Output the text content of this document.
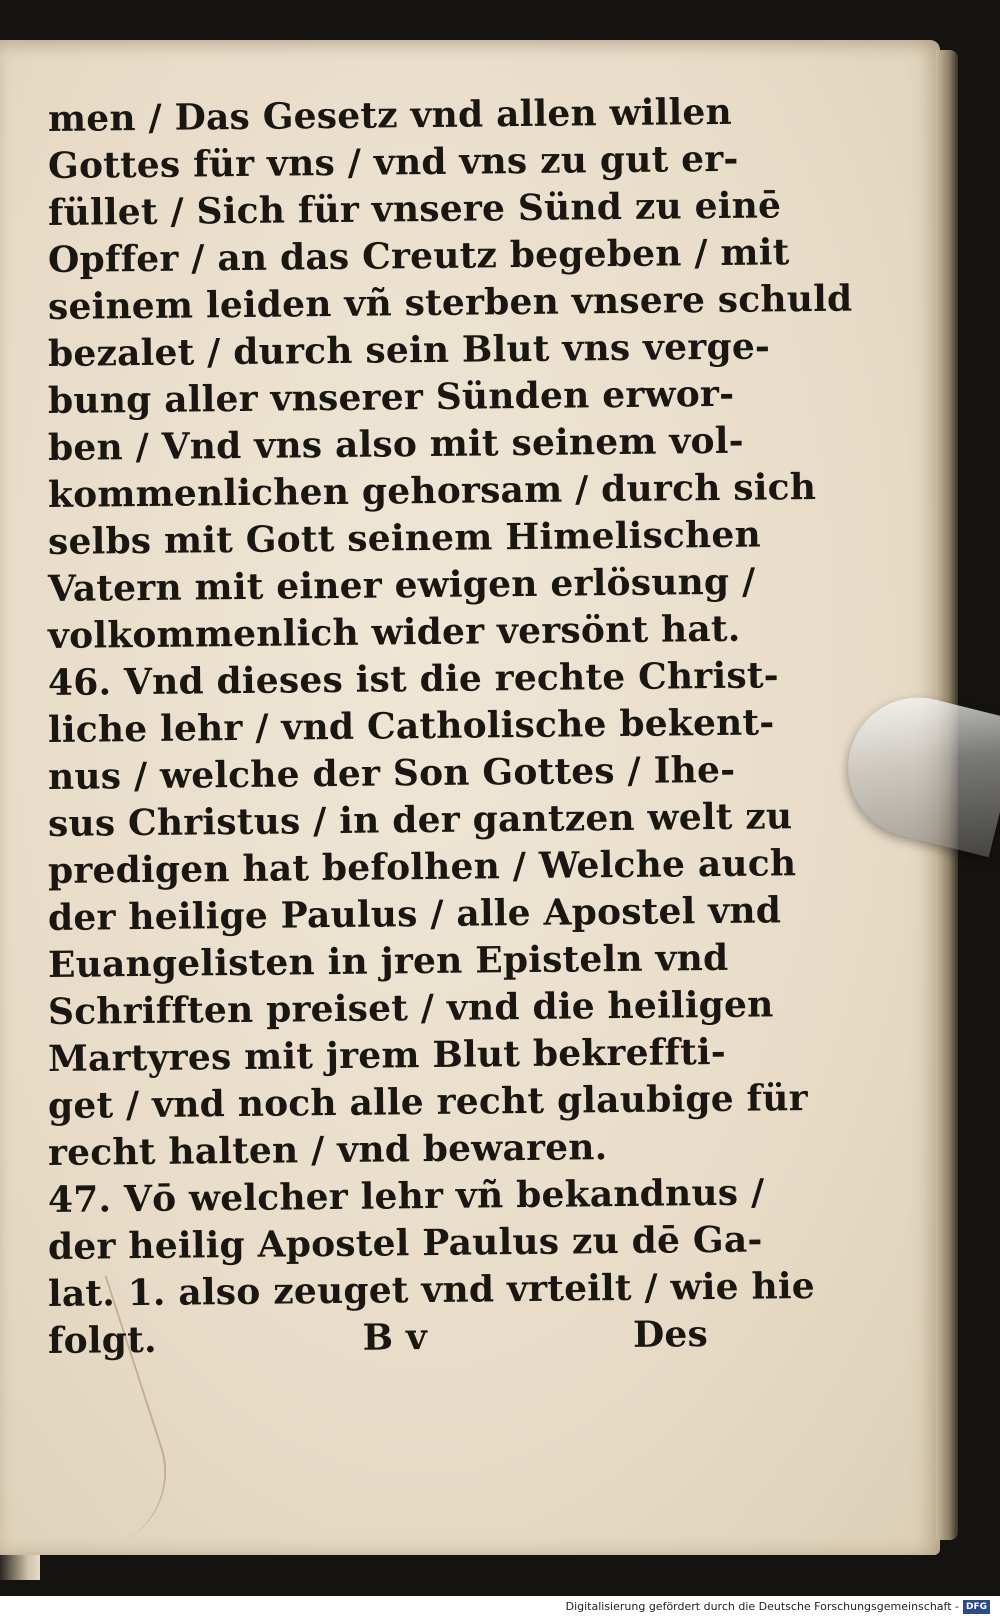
men / Das Gesetz vnd allen willen
Gottes für vns / vnd vns zu gut er-
füllet / Sich für vnsere Sünd zu einē
Opffer / an das Creutz begeben / mit
seinem leiden vñ sterben vnsere schuld
bezalet / durch sein Blut vns verge-
bung aller vnserer Sünden erwor-
ben / Vnd vns also mit seinem vol-
kommenlichen gehorsam / durch sich
selbs mit Gott seinem Himelischen
Vatern mit einer ewigen erlösung /
volkommenlich wider versönt hat.
46. Vnd dieses ist die rechte Christ-
liche lehr / vnd Catholische bekent-
nus / welche der Son Gottes / Ihe-
sus Christus / in der gantzen welt zu
predigen hat befolhen / Welche auch
der heilige Paulus / alle Apostel vnd
Euangelisten in jren Episteln vnd
Schrifften preiset / vnd die heiligen
Martyres mit jrem Blut bekreffti-
get / vnd noch alle recht glaubige für
recht halten / vnd bewaren.
47. Vō welcher lehr vñ bekandnus /
der heilig Apostel Paulus zu dē Ga-
lat. 1. also zeuget vnd vrteilt / wie hie
folgt.	B v	Des
Digitalisierung gefördert durch die Deutsche Forschungsgemeinschaft - DFG
